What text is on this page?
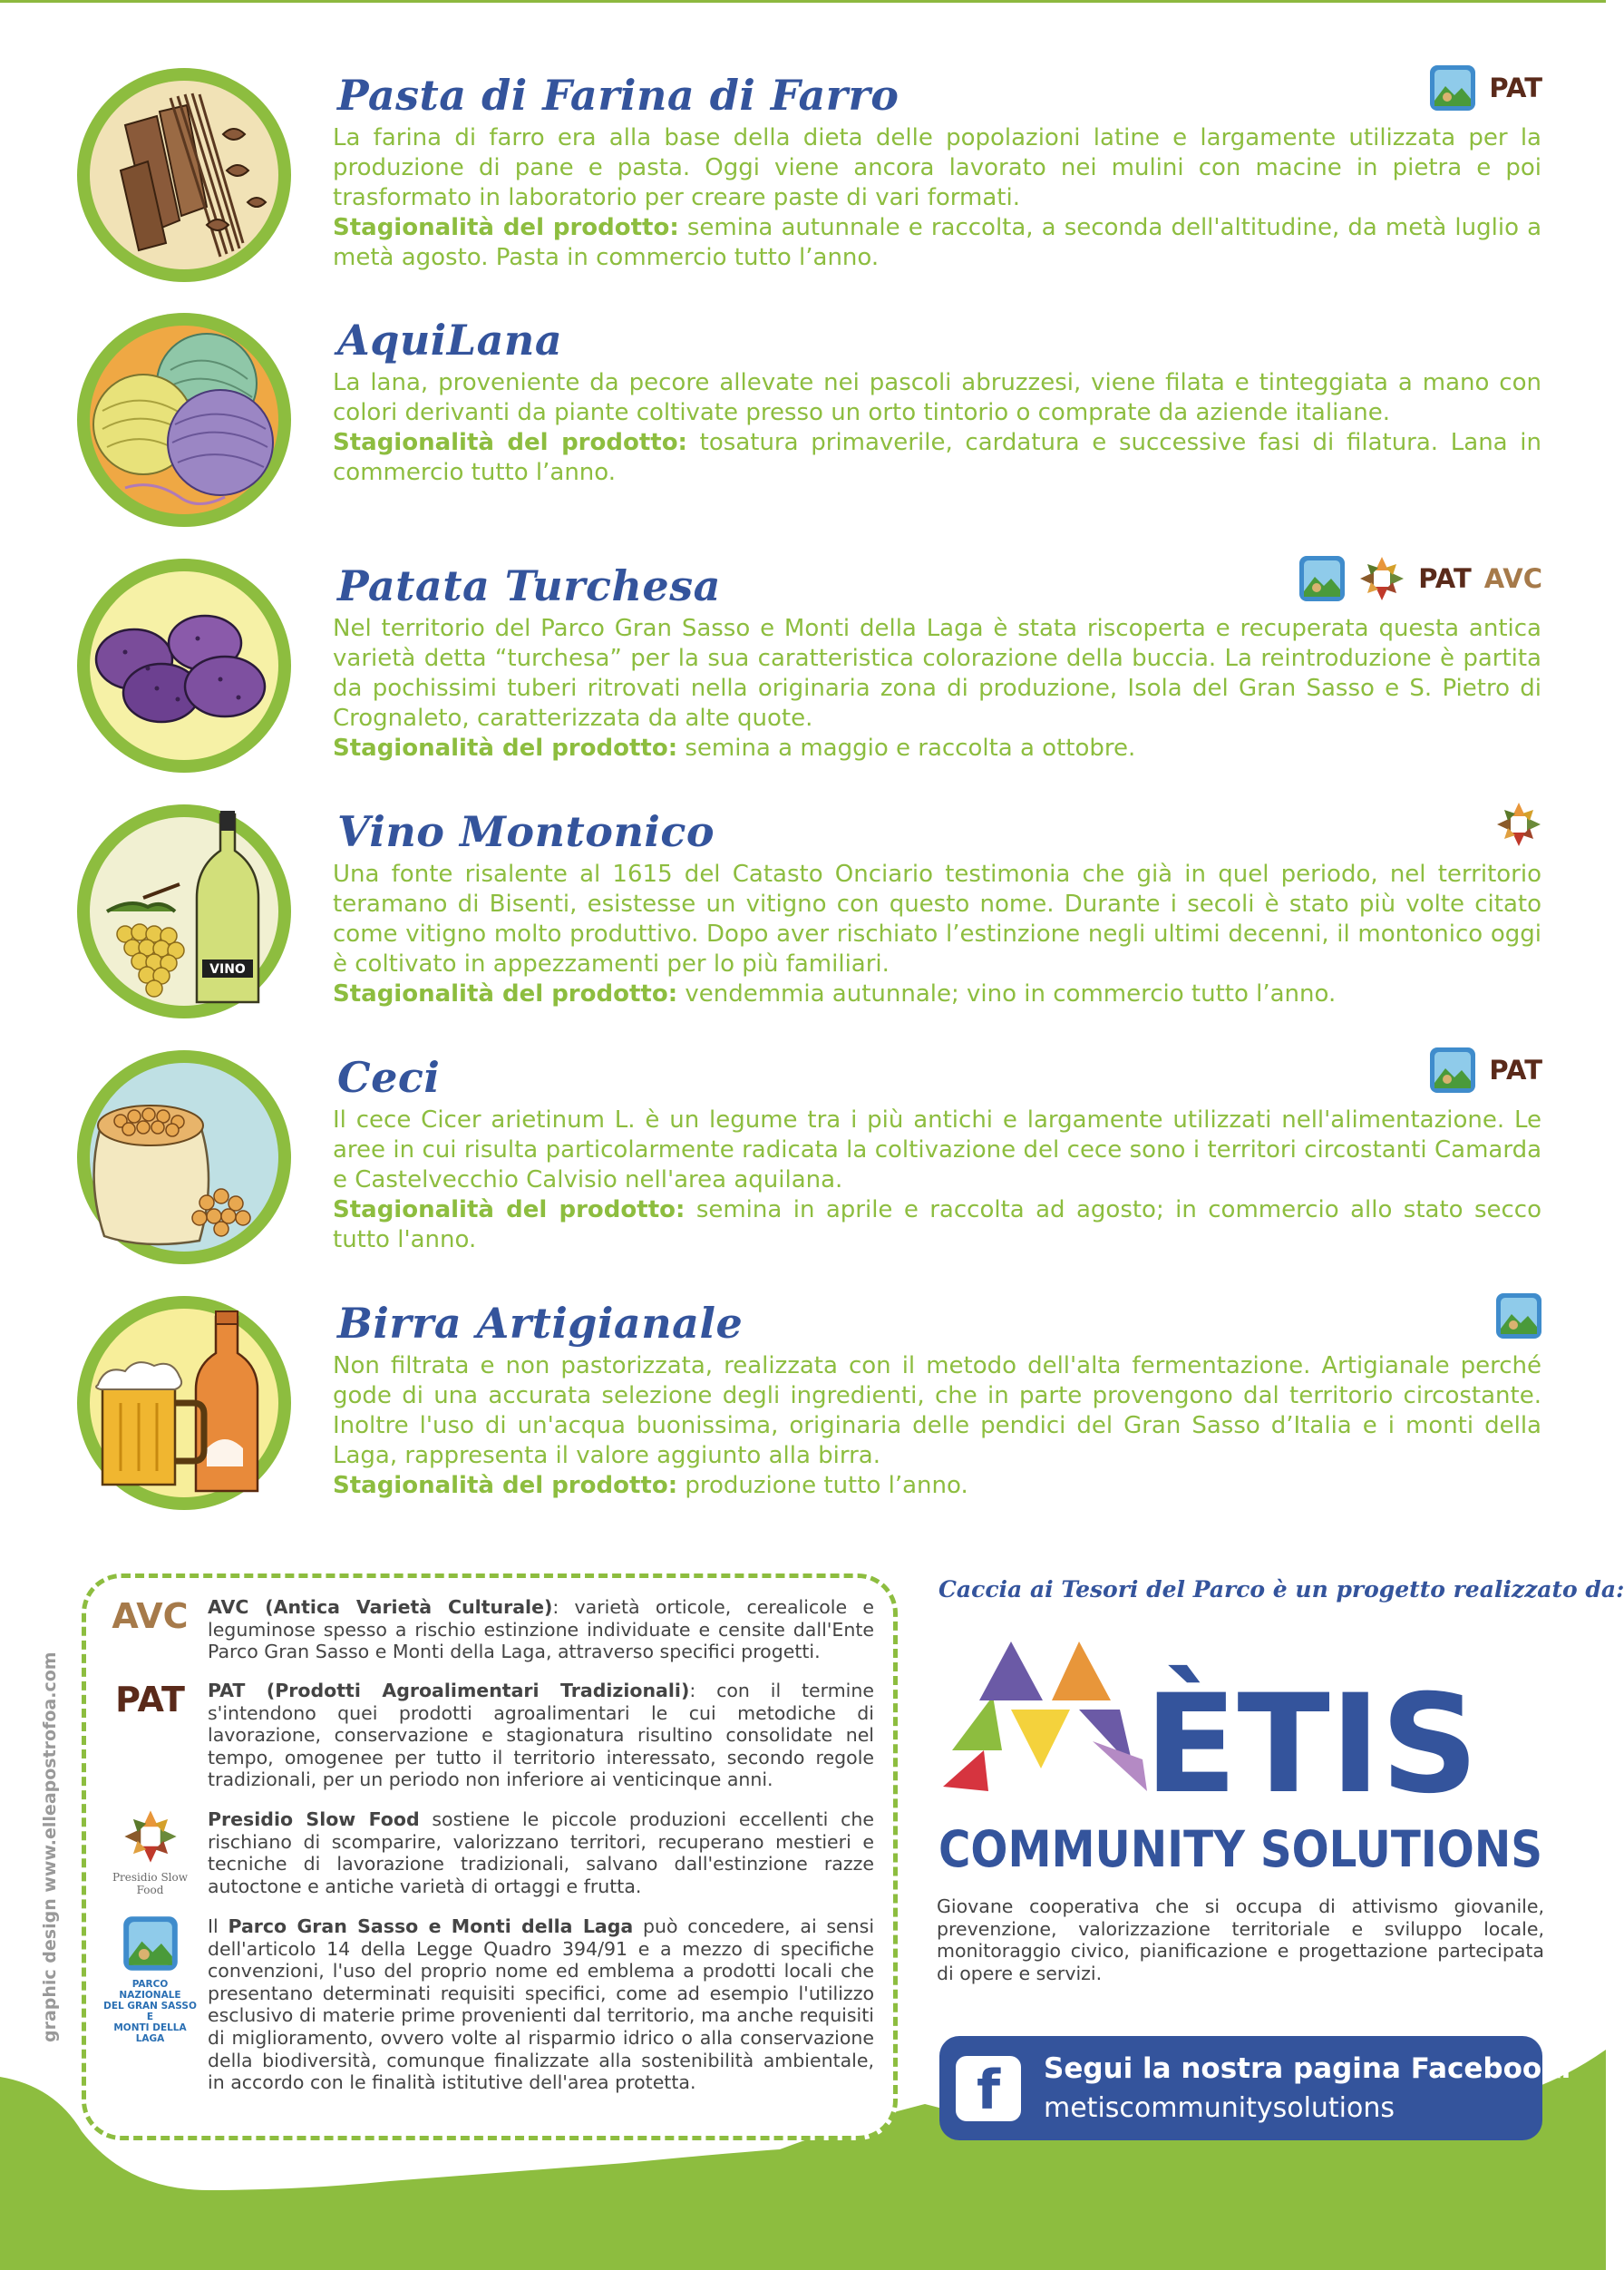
Pasta di Farina di Farro	PAT
La farina di farro era alla base della dieta delle popolazioni latine e largamente utilizzata per la produzione di pane e pasta. Oggi viene ancora lavorato nei mulini con macine in pietra e poi trasformato in laboratorio per creare paste di vari formati.
Stagionalità del prodotto: semina autunnale e raccolta, a seconda dell'altitudine, da metà luglio a metà agosto. Pasta in commercio tutto l’anno.
AquiLana
La lana, proveniente da pecore allevate nei pascoli abruzzesi, viene filata e tinteggiata a mano con colori derivanti da piante coltivate presso un orto tintorio o comprate da aziende italiane.
Stagionalità del prodotto: tosatura primaverile, cardatura e successive fasi di filatura. Lana in commercio tutto l’anno.
Patata Turchesa	PAT AVC
Nel territorio del Parco Gran Sasso e Monti della Laga è stata riscoperta e recuperata questa antica varietà detta “turchesa” per la sua caratteristica colorazione della buccia. La reintroduzione è partita da pochissimi tuberi ritrovati nella originaria zona di produzione, Isola del Gran Sasso e S. Pietro di Crognaleto, caratterizzata da alte quote.
Stagionalità del prodotto: semina a maggio e raccolta a ottobre.
VINO
Vino Montonico
Una fonte risalente al 1615 del Catasto Onciario testimonia che già in quel periodo, nel territorio teramano di Bisenti, esistesse un vitigno con questo nome. Durante i secoli è stato più volte citato come vitigno molto produttivo. Dopo aver rischiato l’estinzione negli ultimi decenni, il montonico oggi è coltivato in appezzamenti per lo più familiari.
Stagionalità del prodotto: vendemmia autunnale; vino in commercio tutto l’anno.
Ceci	PAT
Il cece Cicer arietinum L. è un legume tra i più antichi e largamente utilizzati nell'alimentazione. Le aree in cui risulta particolarmente radicata la coltivazione del cece sono i territori circostanti Camarda e Castelvecchio Calvisio nell'area aquilana.
Stagionalità del prodotto: semina in aprile e raccolta ad agosto; in commercio allo stato secco tutto l'anno.
Birra Artigianale
Non filtrata e non pastorizzata, realizzata con il metodo dell'alta fermentazione. Artigianale perché gode di una accurata selezione degli ingredienti, che in parte provengono dal territorio circostante. Inoltre l'uso di un'acqua buonissima, originaria delle pendici del Gran Sasso d’Italia e i monti della Laga, rappresenta il valore aggiunto alla birra.
Stagionalità del prodotto: produzione tutto l’anno.
AVC	AVC (Antica Varietà Culturale): varietà orticole, cerealicole e leguminose spesso a rischio estinzione individuate e censite dall'Ente Parco Gran Sasso e Monti della Laga, attraverso specifici progetti.
PAT	PAT (Prodotti Agroalimentari Tradizionali): con il termine s'intendono quei prodotti agroalimentari le cui metodiche di lavorazione, conservazione e stagionatura risultino consolidate nel tempo, omogenee per tutto il territorio interessato, secondo regole tradizionali, per un periodo non inferiore ai venticinque anni.
Presidio Slow Food
Presidio Slow Food sostiene le piccole produzioni eccellenti che rischiano di scomparire, valorizzano territori, recuperano mestieri e tecniche di lavorazione tradizionali, salvano dall'estinzione razze autoctone e antiche varietà di ortaggi e frutta.
PARCO NAZIONALE
DEL GRAN SASSO E
MONTI DELLA LAGA
Il Parco Gran Sasso e Monti della Laga può concedere, ai sensi dell'articolo 14 della Legge Quadro 394/91 e a mezzo di specifiche convenzioni, l'uso del proprio nome ed emblema a prodotti locali che presentano determinati requisiti specifici, come ad esempio l'utilizzo esclusivo di materie prime provenienti dal territorio, ma anche requisiti di miglioramento, ovvero volte al risparmio idrico o alla conservazione della biodiversità, comunque finalizzate alla sostenibilità ambientale, in accordo con le finalità istitutive dell'area protetta.
graphic design www.elleapostrofoa.com
Caccia ai Tesori del Parco è un progetto realizzato da:
ÈTIS
COMMUNITY SOLUTIONS
Giovane cooperativa che si occupa di attivismo giovanile, prevenzione, valorizzazione territoriale e sviluppo locale, monitoraggio civico, pianificazione e progettazione partecipata di opere e servizi.
f	Segui la nostra pagina Facebook:
metiscommunitysolutions
